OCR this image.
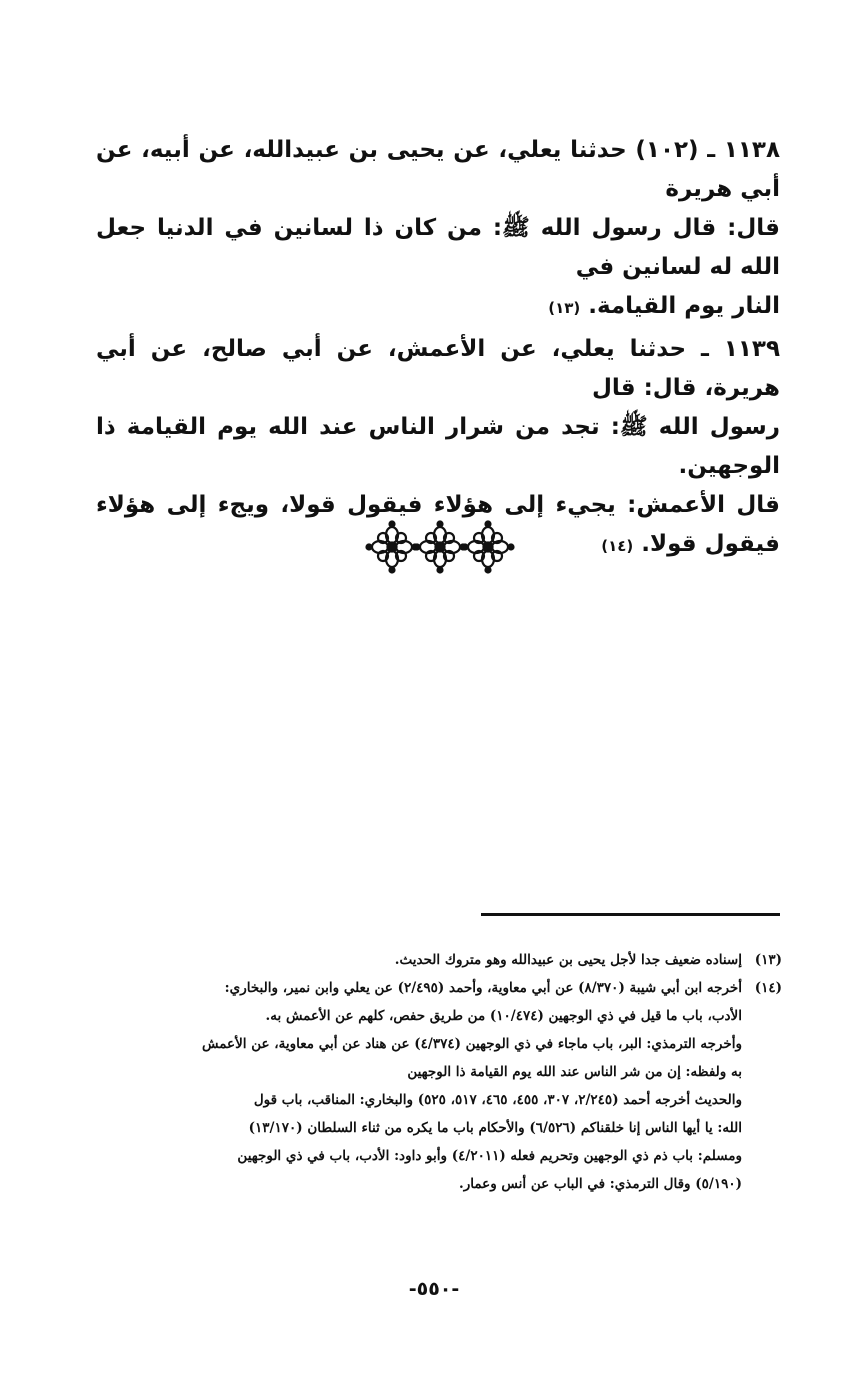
١١٣٨ ـ (١٠٢) حدثنا يعلي، عن يحيى بن عبيدالله، عن أبيه، عن أبي هريرة
قال: قال رسول الله ﷺ: من كان ذا لسانين في الدنيا جعل الله له لسانين في
النار يوم القيامة. (١٣)

١١٣٩ ـ حدثنا يعلي، عن الأعمش، عن أبي صالح، عن أبي هريرة، قال: قال
رسول الله ﷺ: تجد من شرار الناس عند الله يوم القيامة ذا الوجهين.
قال الأعمش: يجيء إلى هؤلاء فيقول قولا، ويجء إلى هؤلاء فيقول قولا. (١٤)

(١٣)
إسناده ضعيف جدا لأجل يحيى بن عبيدالله وهو متروك الحديث.
(١٤)
أخرجه ابن أبي شيبة (٨/٣٧٠) عن أبي معاوية، وأحمد (٢/٤٩٥) عن يعلي وابن نمير، والبخاري:
الأدب، باب ما قيل في ذي الوجهين (١٠/٤٧٤) من طريق حفص، كلهم عن الأعمش به.
وأخرجه الترمذي: البر، باب ماجاء في ذي الوجهين (٤/٣٧٤) عن هناد عن أبي معاوية، عن الأعمش
به ولفظه: إن من شر الناس عند الله يوم القيامة ذا الوجهين
والحديث أخرجه أحمد (٢/٢٤٥، ٣٠٧، ٤٥٥، ٤٦٥، ٥١٧، ٥٢٥) والبخاري: المناقب، باب قول
الله: يا أيها الناس إنا خلقناكم (٦/٥٢٦) والأحكام باب ما يكره من ثناء السلطان (١٣/١٧٠)
ومسلم: باب ذم ذي الوجهين وتحريم فعله (٤/٢٠١١) وأبو داود: الأدب، باب في ذي الوجهين
(٥/١٩٠) وقال الترمذي: في الباب عن أنس وعمار.
-٥٥٠-
